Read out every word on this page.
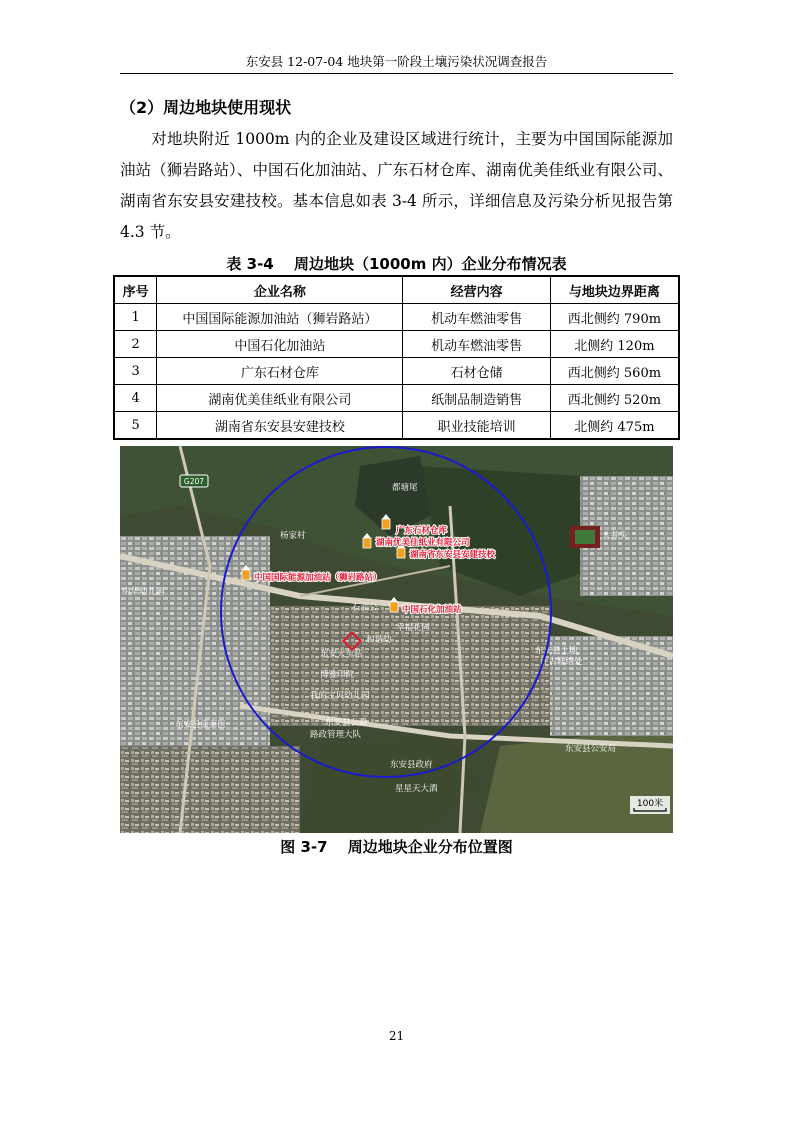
东安县 12-07-04 地块第一阶段土壤污染状况调查报告
（2）周边地块使用现状
对地块附近 1000m 内的企业及建设区域进行统计，主要为中国国际能源加油站（狮岩路站）、中国石化加油站、广东石材仓库、湖南优美佳纸业有限公司、湖南省东安县安建技校。基本信息如表 3-4 所示，详细信息及污染分析见报告第 4.3 节。
表 3-4　 周边地块（1000m 内）企业分布情况表
序号	企业名称	经营内容	与地块边界距离
1	中国国际能源加油站（狮岩路站）	机动车燃油零售	西北侧约 790m
2	中国石化加油站	机动车燃油零售	北侧约 120m
3	广东石材仓库	石材仓储	西北侧约 560m
4	湖南优美佳纸业有限公司	纸制品制造销售	西北侧约 520m
5	湖南省东安县安建技校	职业技能培训	北侧约 475m
G207
都塘尾
杨家村	大井头
中华幼儿园
石油公
幸福花园
和谐幼
东安火车站
博雅印院
我的宝贝幼儿园
东安县土地
评古联络处
东安县公路
路政管理大队
东安县康泰医
东安县政府
东安县公安局
星星天大酒
广东石材仓库
湖南优美佳纸业有限公司
湖南省东安县安建技校
中国国际能源加油站（狮岩路站）
中国石化加油站
100米
图 3-7　 周边地块企业分布位置图
21
